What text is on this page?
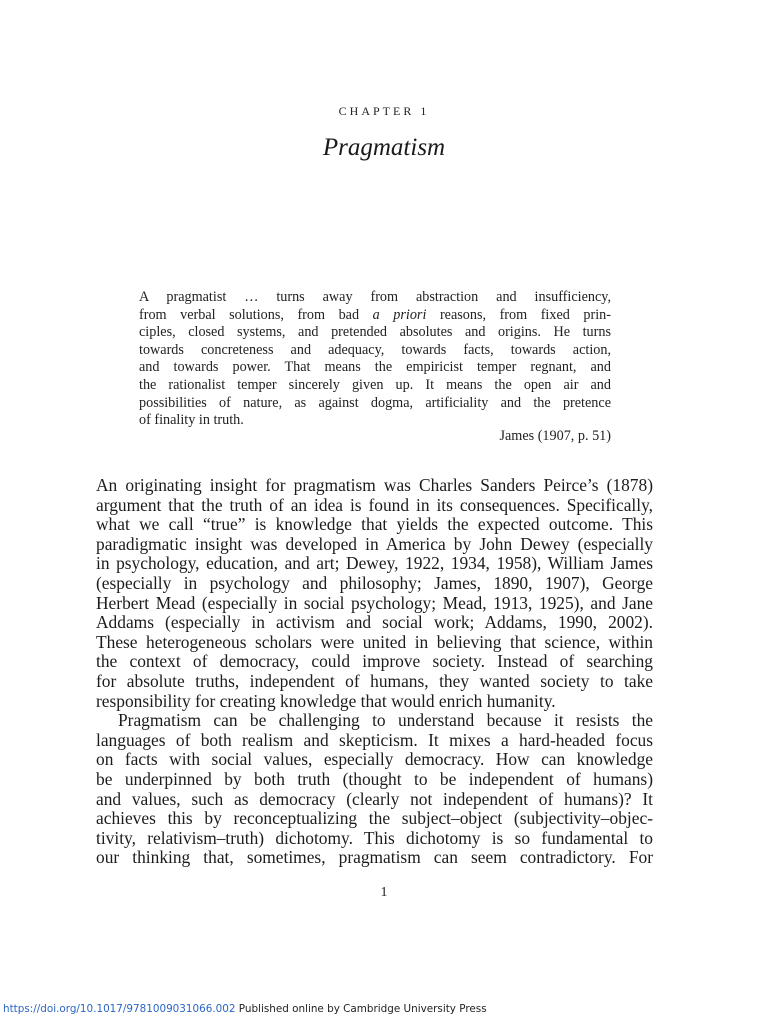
CHAPTER 1
Pragmatism
A pragmatist … turns away from abstraction and insufficiency,
from verbal solutions, from bad a priori reasons, from fixed prin-
ciples, closed systems, and pretended absolutes and origins. He turns
towards concreteness and adequacy, towards facts, towards action,
and towards power. That means the empiricist temper regnant, and
the rationalist temper sincerely given up. It means the open air and
possibilities of nature, as against dogma, artificiality and the pretence
of finality in truth.
James (1907, p. 51)
An originating insight for pragmatism was Charles Sanders Peirce’s (1878)
argument that the truth of an idea is found in its consequences. Specifically,
what we call “true” is knowledge that yields the expected outcome. This
paradigmatic insight was developed in America by John Dewey (especially
in psychology, education, and art; Dewey, 1922, 1934, 1958), William James
(especially in psychology and philosophy; James, 1890, 1907), George
Herbert Mead (especially in social psychology; Mead, 1913, 1925), and Jane
Addams (especially in activism and social work; Addams, 1990, 2002).
These heterogeneous scholars were united in believing that science, within
the context of democracy, could improve society. Instead of searching
for absolute truths, independent of humans, they wanted society to take
responsibility for creating knowledge that would enrich humanity.
Pragmatism can be challenging to understand because it resists the
languages of both realism and skepticism. It mixes a hard-headed focus
on facts with social values, especially democracy. How can knowledge
be underpinned by both truth (thought to be independent of humans)
and values, such as democracy (clearly not independent of humans)? It
achieves this by reconceptualizing the subject–object (subjectivity–objec-
tivity, relativism–truth) dichotomy. This dichotomy is so fundamental to
our thinking that, sometimes, pragmatism can seem contradictory. For
1
https://doi.org/10.1017/9781009031066.002 Published online by Cambridge University Press
